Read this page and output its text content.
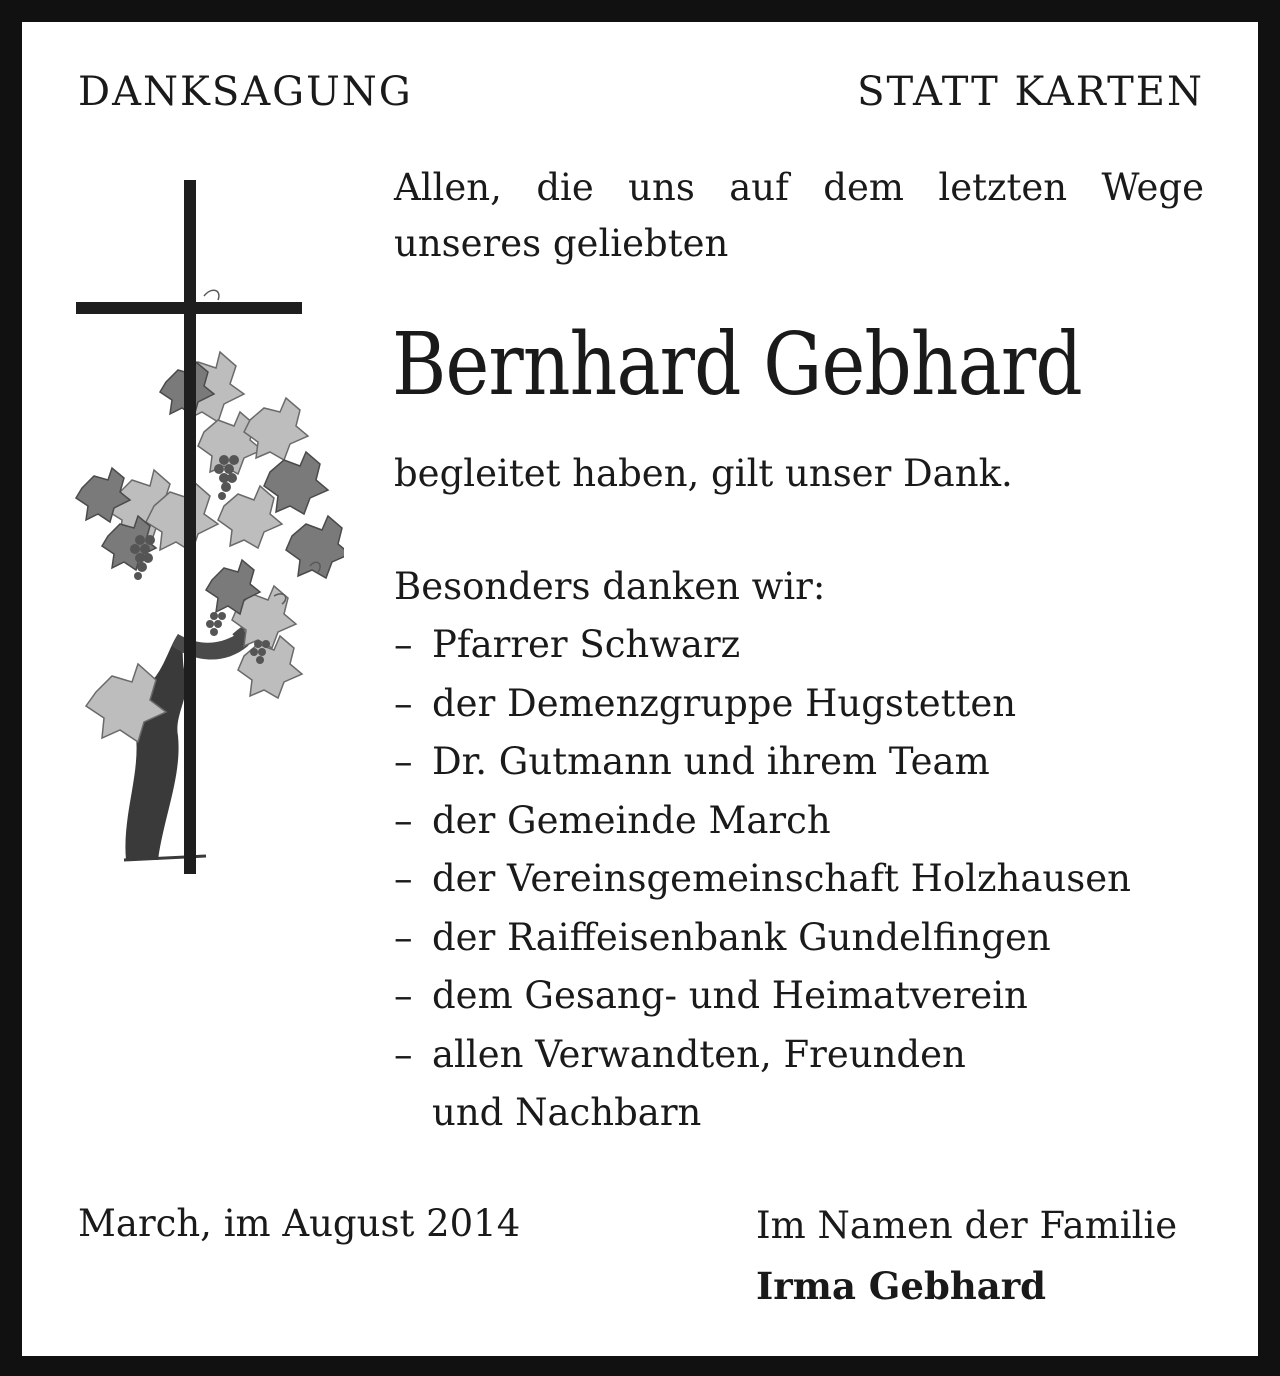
DANKSAGUNG	STATT KARTEN
Allen, die uns auf dem letzten Wege
unseres geliebten
Bernhard Gebhard
begleitet haben, gilt unser Dank.
Besonders danken wir:
– Pfarrer Schwarz
– der Demenzgruppe Hugstetten
– Dr. Gutmann und ihrem Team
– der Gemeinde March
– der Vereinsgemeinschaft Holzhausen
– der Raiffeisenbank Gundelfingen
– dem Gesang- und Heimatverein
– allen Verwandten, Freunden
und Nachbarn
March, im August 2014	Im Namen der Familie
Irma Gebhard
